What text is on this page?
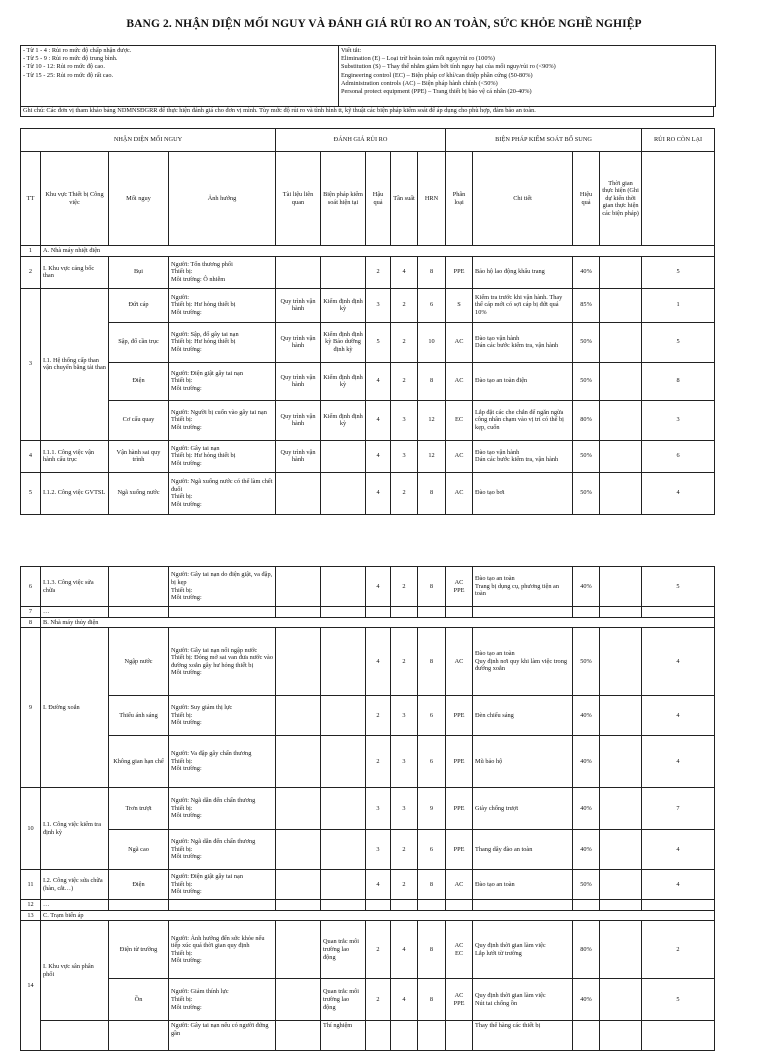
BANG 2. NHẬN DIỆN MỐI NGUY VÀ ĐÁNH GIÁ RỦI RO AN TOÀN, SỨC KHỎE NGHỀ NGHIỆP
- Từ 1 - 4 : Rủi ro mức độ chấp nhận được.
- Từ 5 - 9 : Rủi ro mức độ trung bình.
- Từ 10 - 12: Rủi ro mức độ cao.
- Từ 15 - 25: Rủi ro mức độ rất cao.
Viết tắt:
Elimination (E) – Loại trừ hoàn toàn mối nguy/rủi ro (100%)
Substitution (S) – Thay thế nhằm giảm bớt tính nguy hại của mối nguy/rủi ro (<90%)
Engineering control (EC) – Biện pháp cơ khí/can thiệp phần cứng (50-80%)
Administration controls (AC) – Biện pháp hành chính (<50%)
Personal protect equipment (PPE) – Trang thiết bị bảo vệ cá nhân (20-40%)
Ghi chú: Các đơn vị tham khảo bảng NDMNSĐGRR để thực hiện đánh giá cho đơn vị mình. Tùy mức độ rủi ro và tình hình tt, kỹ thuật các biện pháp kiểm soát để áp dụng cho phù hợp, đảm bảo an toàn.
NHẬN DIỆN MỐI NGUY				ĐÁNH GIÁ RỦI RO					BIỆN PHÁP KIỂM SOÁT BỔ SUNG				RỦI RO CÒN LẠI
TT	Khu vực Thiết bị Công việc	Mối nguy	Ảnh hưởng	Tài liệu liên quan	Biện pháp kiểm soát hiện tại	Hậu quả	Tần suất	HRN	Phân loại	Chi tiết	Hiệu quả	Thời gian thực hiện (Ghi dự kiến thời gian thực hiện các biện pháp)	
1	A. Nhà máy nhiệt điện												
2	I. Khu vực cảng bốc than	Bụi	Người: Tổn thương phổi
Thiết bị:
Môi trường: Ô nhiễm			2	4	8	PPE	Bảo hộ lao động khẩu trang	40%		5
3	I.1. Hệ thống cấp than vận chuyển băng tải than	Đứt cáp	Người:
Thiết bị: Hư hỏng thiết bị
Môi trường:	Quy trình vận hành	Kiểm định định kỳ	3	2	6	S	Kiểm tra trước khi vận hành. Thay thế cáp mới có sợi cáp bị đứt quá 10%	85%		1
		Sập, đổ cần trục	Người: Sập, đổ gây tai nạn
Thiết bị: Hư hỏng thiết bị
Môi trường:	Quy trình vận hành	Kiểm định định kỳ Bảo dưỡng định kỳ	5	2	10	AC	Đào tạo vận hành
Dán các bước kiểm tra, vận hành	50%		5
		Điện	Người: Điện giật gây tai nạn
Thiết bị:
Môi trường:	Quy trình vận hành	Kiểm định định kỳ	4	2	8	AC	Đào tạo an toàn điện	50%		8
		Cơ cấu quay	Người: Người bị cuốn vào gây tai nạn
Thiết bị:
Môi trường:	Quy trình vận hành	Kiểm định định kỳ	4	3	12	EC	Lắp đặt các che chắn để ngăn ngừa công nhân chạm vào vị trí có thể bị kẹp, cuốn	80%		3
4	I.1.1. Công việc vận hành cẩu trục	Vận hành sai quy trình	Người: Gây tai nạn
Thiết bị: Hư hỏng thiết bị
Môi trường:	Quy trình vận hành		4	3	12	AC	Đào tạo vận hành
Dán các bước kiểm tra, vận hành	50%		6
5	I.1.2. Công việc GVTSL	Ngã xuống nước	Người: Ngã xuống nước có thể làm chết đuối
Thiết bị:
Môi trường:			4	2	8	AC	Đào tạo bơi	50%		4
6	I.1.3. Công việc sửa chữa		Người: Gây tai nạn do điện giật, va đập, bị kẹp
Thiết bị:
Môi trường:			4	2	8	AC
PPE	Đào tạo an toàn
Trang bị dụng cụ, phương tiện an toàn	40%		5
7	…												
8	B. Nhà máy thủy điện												
9	I. Đường xoắn	Ngập nước	Người: Gây tai nạn nổi ngập nước
Thiết bị: Đóng mở sai van đưa nước vào đường xoắn gây hư hỏng thiết bị
Môi trường:			4	2	8	AC	Đào tạo an toàn
Quy định nơi quy khi làm việc trong đường xoắn	50%		4
		Thiếu ánh sáng	Người: Suy giảm thị lực
Thiết bị:
Môi trường:			2	3	6	PPE	Đèn chiếu sáng	40%		4
		Không gian hạn chế	Người: Va đập gây chấn thương
Thiết bị:
Môi trường:			2	3	6	PPE	Mũ bảo hộ	40%		4
10	I.1. Công việc kiểm tra định kỳ	Trơn trượt	Người: Ngã dẫn đến chấn thương
Thiết bị:
Môi trường:			3	3	9	PPE	Giày chống trượt	40%		7
		Ngã cao	Người: Ngã dẫn đến chấn thương
Thiết bị:
Môi trường:			3	2	6	PPE	Thang dây đào an toàn	40%		4
11	I.2. Công việc sửa chữa (hàn, cắt…)	Điện	Người: Điện giật gây tai nạn
Thiết bị:
Môi trường:			4	2	8	AC	Đào tạo an toàn	50%		4
12	…												
13	C. Trạm biến áp												
14	I. Khu vực sân phân phối	Điện từ trường	Người: Ảnh hưởng đến sức khỏe nếu tiếp xúc quá thời gian quy định
Thiết bị:
Môi trường:		Quan trắc môi trường lao động	2	4	8	AC
EC	Quy định thời gian làm việc
Lắp lưới từ trường	80%		2
		Ồn	Người: Giảm thính lực
Thiết bị:
Môi trường:		Quan trắc môi trường lao động	2	4	8	AC
PPE	Quy định thời gian làm việc
Nút tai chống ồn	40%		5
			Người: Gây tai nạn nếu có người đứng gần		Thí nghiệm					Thay thế hàng các thiết bị			
